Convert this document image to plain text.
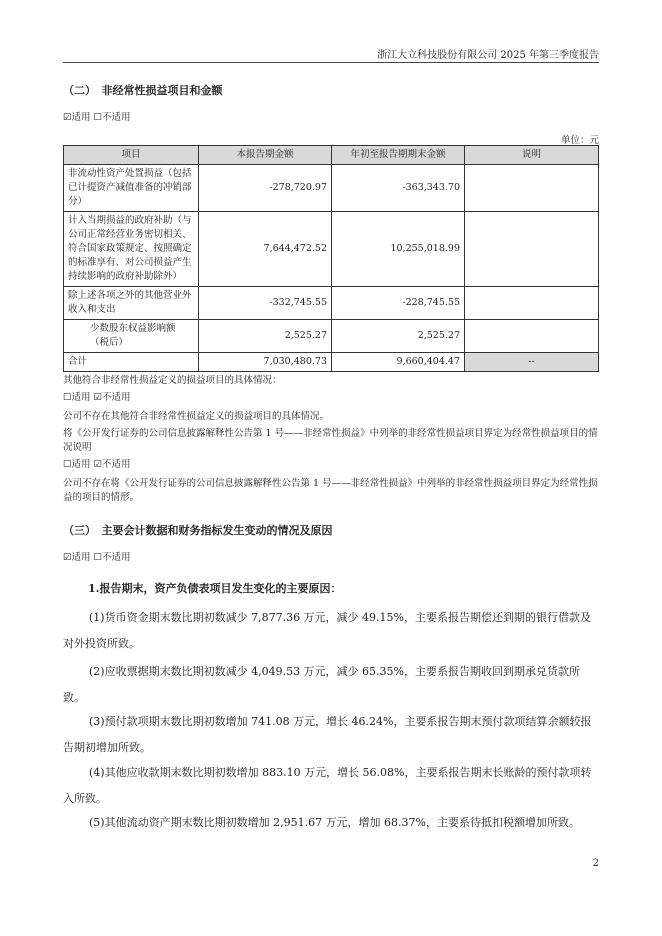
浙江大立科技股份有限公司 2025 年第三季度报告
（二）　非经常性损益项目和金额
☑适用 ☐不适用
单位：元
项目	本报告期金额	年初至报告期期末金额	说明
非流动性资产处置损益（包括已计提资产减值准备的冲销部分）	-278,720.97	-363,343.70	
计入当期损益的政府补助（与公司正常经营业务密切相关、符合国家政策规定、按照确定的标准享有、对公司损益产生持续影响的政府补助除外）	7,644,472.52	10,255,018.99	
除上述各项之外的其他营业外收入和支出	-332,745.55	-228,745.55	
少数股东权益影响额（税后）	2,525.27	2,525.27	
合计	7,030,480.73	9,660,404.47	--
其他符合非经常性损益定义的损益项目的具体情况：
☐适用 ☑不适用
公司不存在其他符合非经常性损益定义的损益项目的具体情况。
将《公开发行证券的公司信息披露解释性公告第 1 号——非经常性损益》中列举的非经常性损益项目界定为经常性损益项目的情况说明
☐适用 ☑不适用
公司不存在将《公开发行证券的公司信息披露解释性公告第 1 号——非经常性损益》中列举的非经常性损益项目界定为经常性损益的项目的情形。
（三）　主要会计数据和财务指标发生变动的情况及原因
☑适用 ☐不适用
1.报告期末，资产负债表项目发生变化的主要原因：
(1)货币资金期末数比期初数减少 7,877.36 万元，减少 49.15%，主要系报告期偿还到期的银行借款及对外投资所致。
(2)应收票据期末数比期初数减少 4,049.53 万元，减少 65.35%，主要系报告期收回到期承兑货款所致。
(3)预付款项期末数比期初数增加 741.08 万元，增长 46.24%，主要系报告期末预付款项结算余额较报告期初增加所致。
(4)其他应收款期末数比期初数增加 883.10 万元，增长 56.08%，主要系报告期末长账龄的预付款项转入所致。
(5)其他流动资产期末数比期初数增加 2,951.67 万元，增加 68.37%，主要系待抵扣税额增加所致。
2
